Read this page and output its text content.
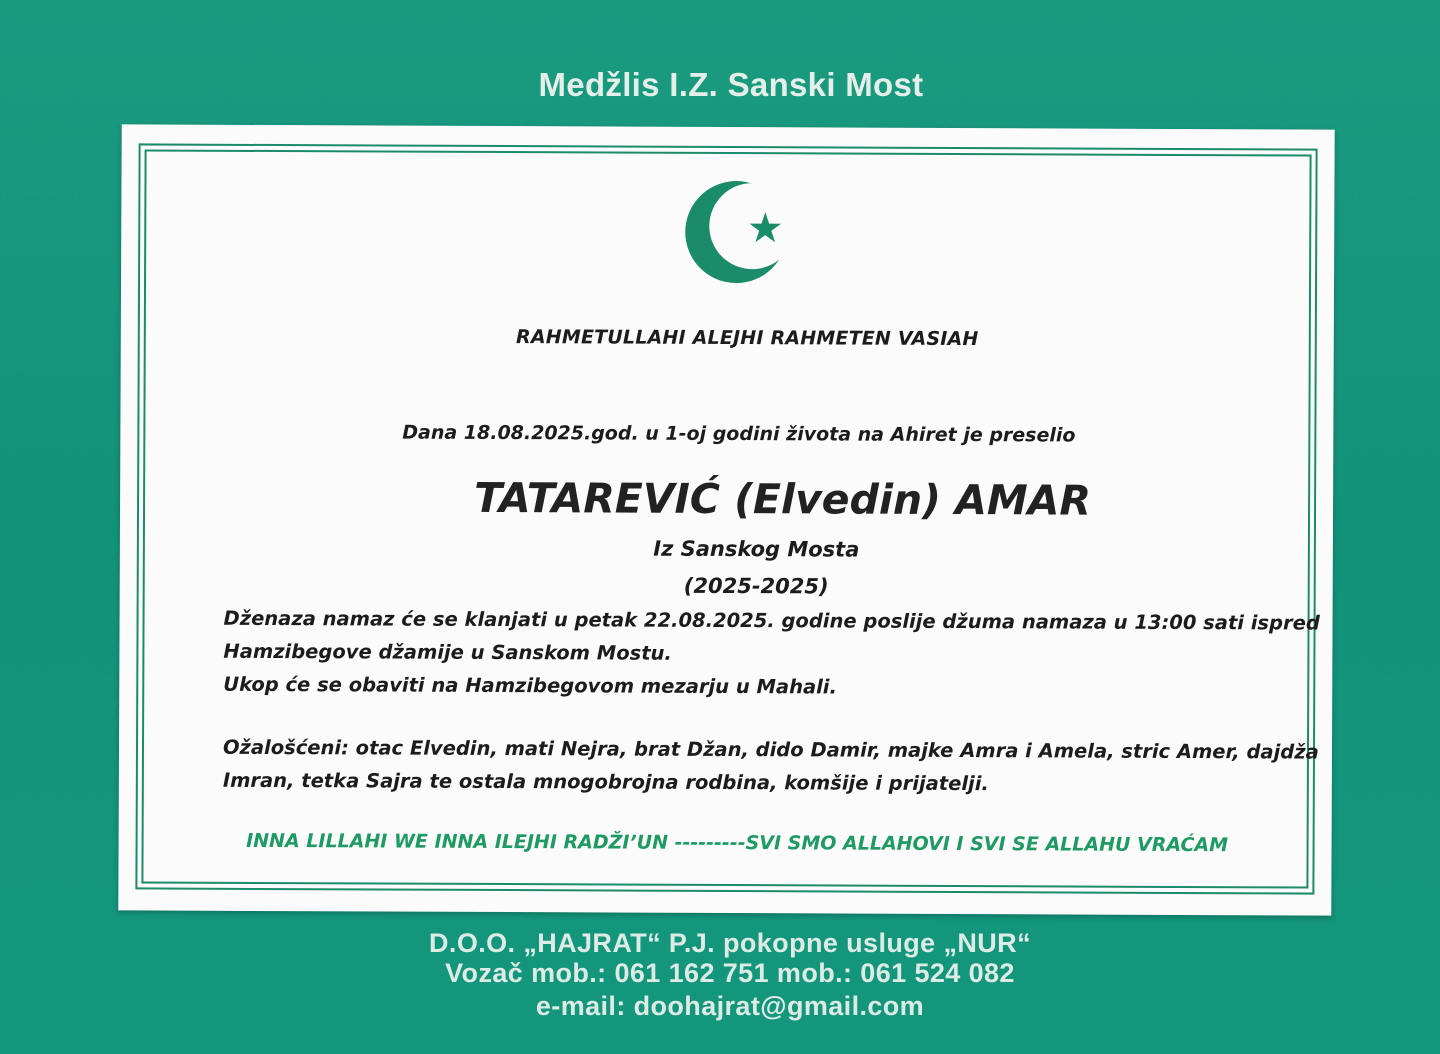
Medžlis I.Z. Sanski Most
RAHMETULLAHI ALEJHI RAHMETEN VASIAH
Dana 18.08.2025.god. u 1-oj godini života na Ahiret je preselio
TATAREVIĆ (Elvedin) AMAR
Iz Sanskog Mosta
(2025-2025)
Dženaza namaz će se klanjati u petak 22.08.2025. godine poslije džuma namaza u 13:00 sati ispred
Hamzibegove džamije u Sanskom Mostu.
Ukop će se obaviti na Hamzibegovom mezarju u Mahali.
Ožalošćeni: otac Elvedin, mati Nejra, brat Džan, dido Damir, majke Amra i Amela, stric Amer, dajdža
Imran, tetka Sajra te ostala mnogobrojna rodbina, komšije i prijatelji.
INNA LILLAHI WE INNA ILEJHI RADŽI’UN ---------SVI SMO ALLAHOVI I SVI SE ALLAHU VRAĆAM
D.O.O. „HAJRAT“ P.J. pokopne usluge „NUR“
Vozač mob.: 061 162 751 mob.: 061 524 082
e-mail: doohajrat@gmail.com
